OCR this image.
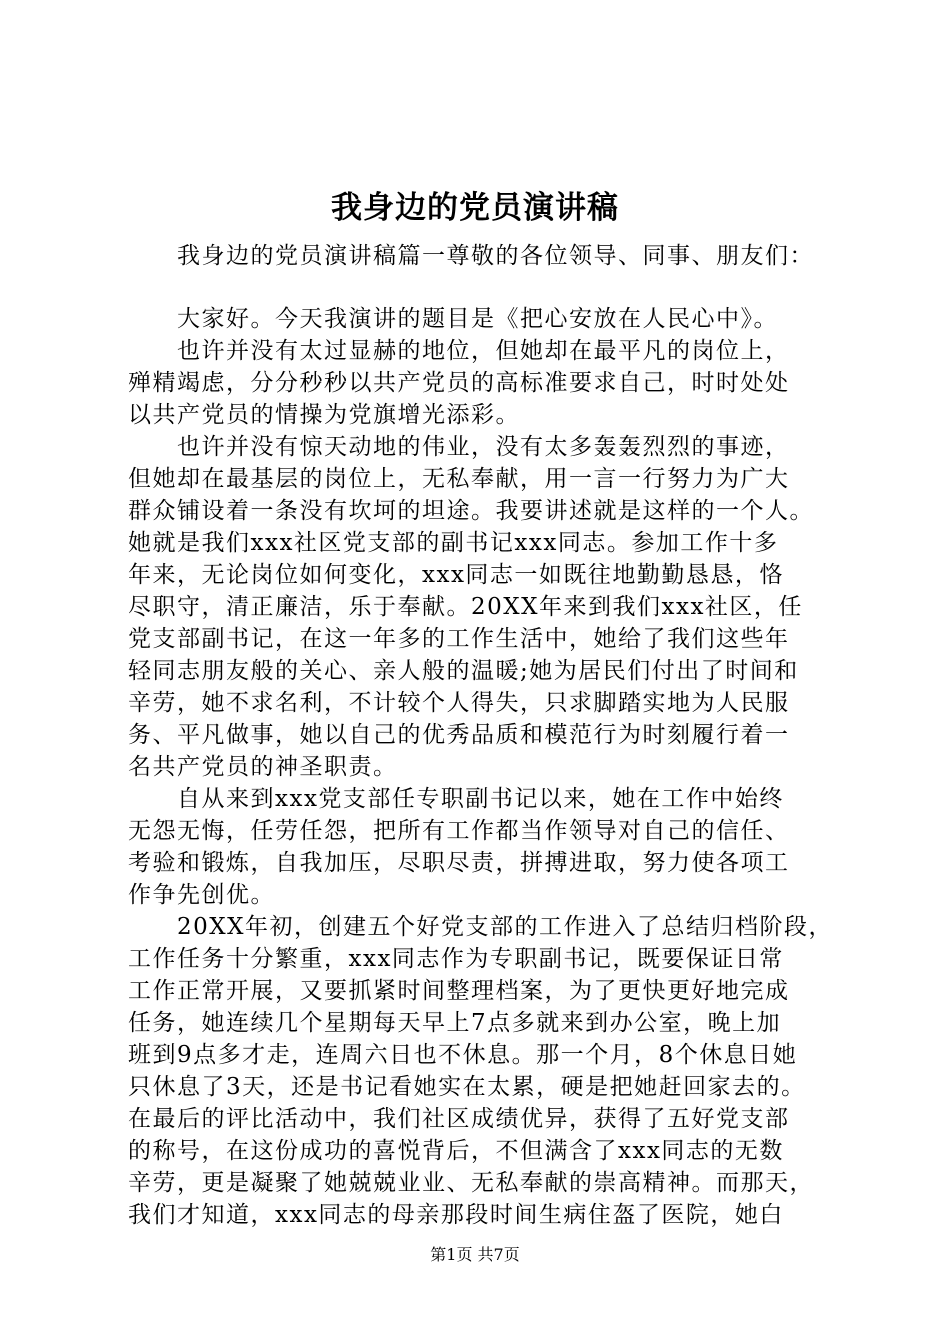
我身边的党员演讲稿
　　我身边的党员演讲稿篇一尊敬的各位领导、同事、朋友们：
　　大家好。今天我演讲的题目是《把心安放在人民心中》。
　　也许并没有太过显赫的地位，但她却在最平凡的岗位上，
殚精竭虑，分分秒秒以共产党员的高标准要求自己，时时处处
以共产党员的情操为党旗增光添彩。
　　也许并没有惊天动地的伟业，没有太多轰轰烈烈的事迹，
但她却在最基层的岗位上，无私奉献，用一言一行努力为广大
群众铺设着一条没有坎坷的坦途。我要讲述就是这样的一个人。
她就是我们xxx社区党支部的副书记xxx同志。参加工作十多
年来，无论岗位如何变化，xxx同志一如既往地勤勤恳恳，恪
尽职守，清正廉洁，乐于奉献。20XX年来到我们xxx社区，任
党支部副书记，在这一年多的工作生活中，她给了我们这些年
轻同志朋友般的关心、亲人般的温暖;她为居民们付出了时间和
辛劳，她不求名利，不计较个人得失，只求脚踏实地为人民服
务、平凡做事，她以自己的优秀品质和模范行为时刻履行着一
名共产党员的神圣职责。
　　自从来到xxx党支部任专职副书记以来，她在工作中始终
无怨无悔，任劳任怨，把所有工作都当作领导对自己的信任、
考验和锻炼，自我加压，尽职尽责，拼搏进取，努力使各项工
作争先创优。
　　20XX年初，创建五个好党支部的工作进入了总结归档阶段，
工作任务十分繁重，xxx同志作为专职副书记，既要保证日常
工作正常开展，又要抓紧时间整理档案，为了更快更好地完成
任务，她连续几个星期每天早上7点多就来到办公室，晚上加
班到9点多才走，连周六日也不休息。那一个月，8个休息日她
只休息了3天，还是书记看她实在太累，硬是把她赶回家去的。
在最后的评比活动中，我们社区成绩优异，获得了五好党支部
的称号，在这份成功的喜悦背后，不但满含了xxx同志的无数
辛劳，更是凝聚了她兢兢业业、无私奉献的崇高精神。而那天，
我们才知道，xxx同志的母亲那段时间生病住盔了医院，她白
第1页 共7页
